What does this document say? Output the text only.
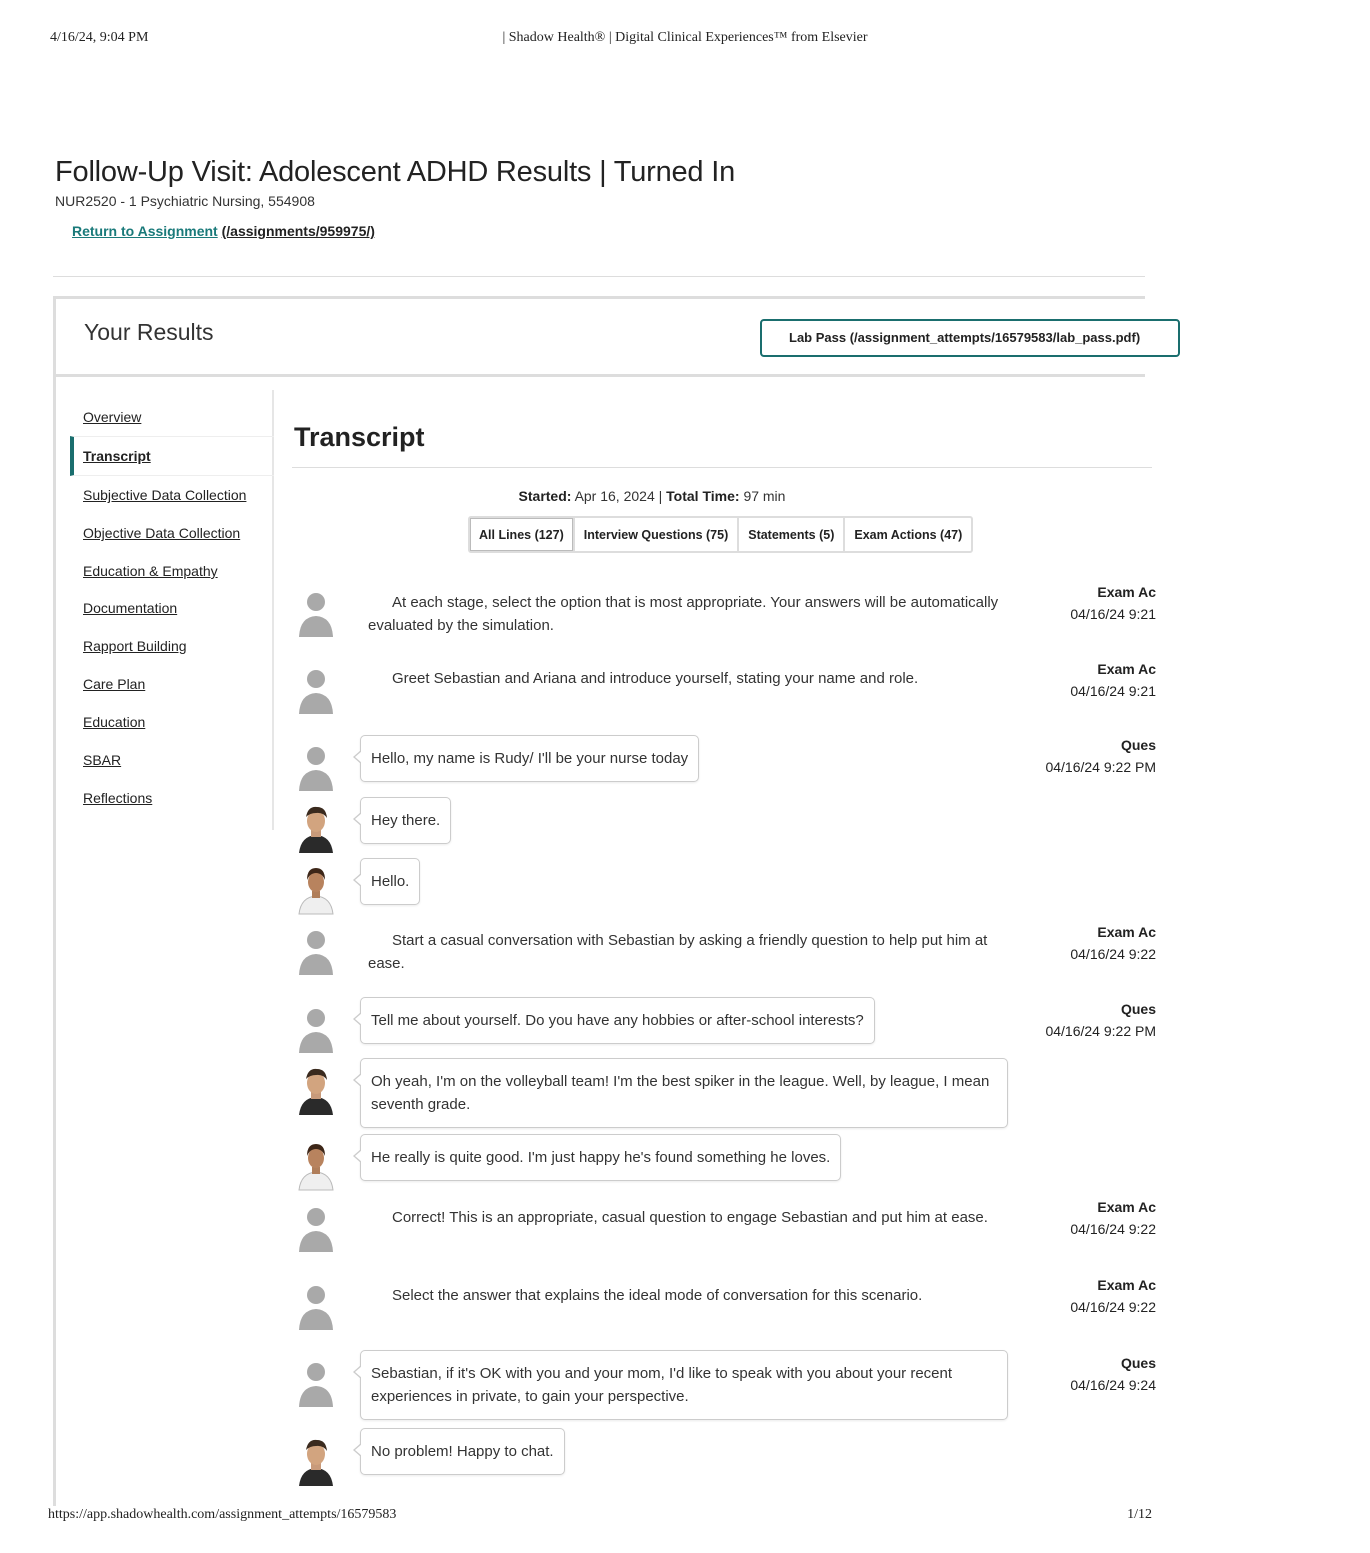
4/16/24, 9:04 PM	| Shadow Health® | Digital Clinical Experiences™ from Elsevier
https://app.shadowhealth.com/assignment_attempts/16579583	1/12
Follow-Up Visit: Adolescent ADHD Results | Turned In
NUR2520 - 1 Psychiatric Nursing, 554908
Return to Assignment (/assignments/959975/)
Your Results	Lab Pass (/assignment_attempts/16579583/lab_pass.pdf)
Overview
Transcript
Subjective Data Collection
Objective Data Collection
Education & Empathy
Documentation
Rapport Building
Care Plan
Education
SBAR
Reflections
Transcript
Started: Apr 16, 2024 | Total Time: 97 min
All Lines (127)	Interview Questions (75)	Statements (5)	Exam Actions (47)
At each stage, select the option that is most appropriate. Your answers will be automatically evaluated by the simulation.
Exam Ac
04/16/24 9:21
Greet Sebastian and Ariana and introduce yourself, stating your name and role.
Exam Ac
04/16/24 9:21
Hello, my name is Rudy/ I'll be your nurse today
Ques
04/16/24 9:22 PM
Hey there.
Hello.
Start a casual conversation with Sebastian by asking a friendly question to help put him at ease.
Exam Ac
04/16/24 9:22
Tell me about yourself. Do you have any hobbies or after-school interests?
Ques
04/16/24 9:22 PM
Oh yeah, I'm on the volleyball team! I'm the best spiker in the league. Well, by league, I mean seventh grade.
He really is quite good. I'm just happy he's found something he loves.
Correct! This is an appropriate, casual question to engage Sebastian and put him at ease.
Exam Ac
04/16/24 9:22
Select the answer that explains the ideal mode of conversation for this scenario.
Exam Ac
04/16/24 9:22
Sebastian, if it's OK with you and your mom, I'd like to speak with you about your recent experiences in private, to gain your perspective.
Ques
04/16/24 9:24
No problem! Happy to chat.
